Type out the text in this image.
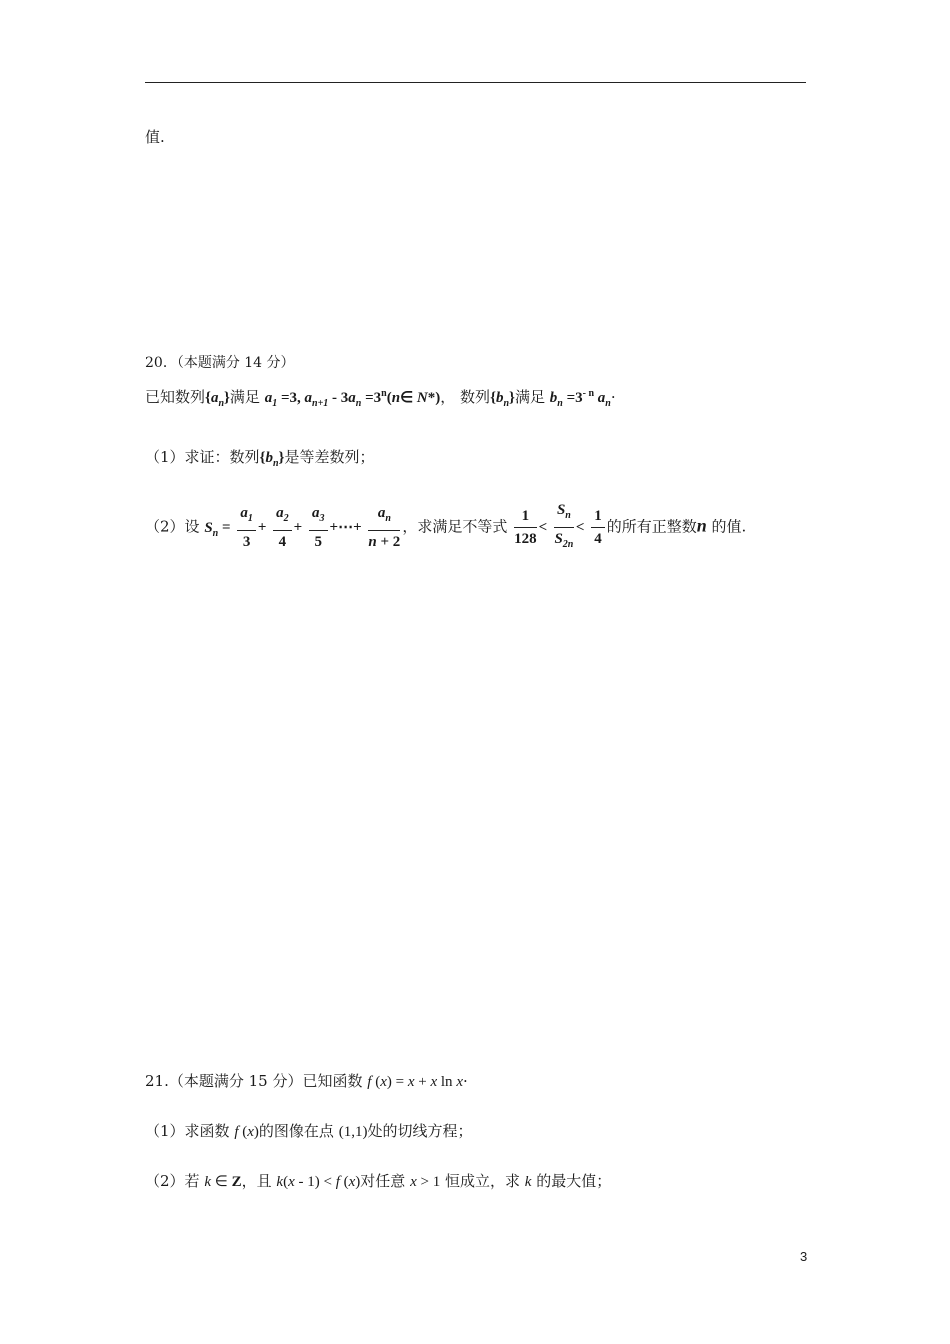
值.
20．（本题满分 14 分）
已知数列$\{a_n\}$满足 $a_1 =3$, $a_{n+1} - 3a_n$ $=3^n(n\in$ N*)， 数列$\{b_n\}$满足 $b_n =3^{- n}$ $a_n\cdot$
（1）求证：数列$\{b_n\}$是等差数列；
（2）设 $S_n = \frac{a_1}{3} + \frac{a_2}{4} + \frac{a_3}{5}$ +⋯+ $\frac{a_n}{n + 2}$ ，求满足不等式 $\frac{1}{128} < \frac{S_n}{S_{2n}} < \frac{1}{4}$ 的所有正整数n 的值.
21.（本题满分 15 分）已知函数 f (x) = x + x ln x·
（1）求函数 f (x)的图像在点 (1,1)处的切线方程；
（2）若 k ∈ Z，且 k(x - 1) < f (x)对任意 x > 1 恒成立，求 k 的最大值；
3
